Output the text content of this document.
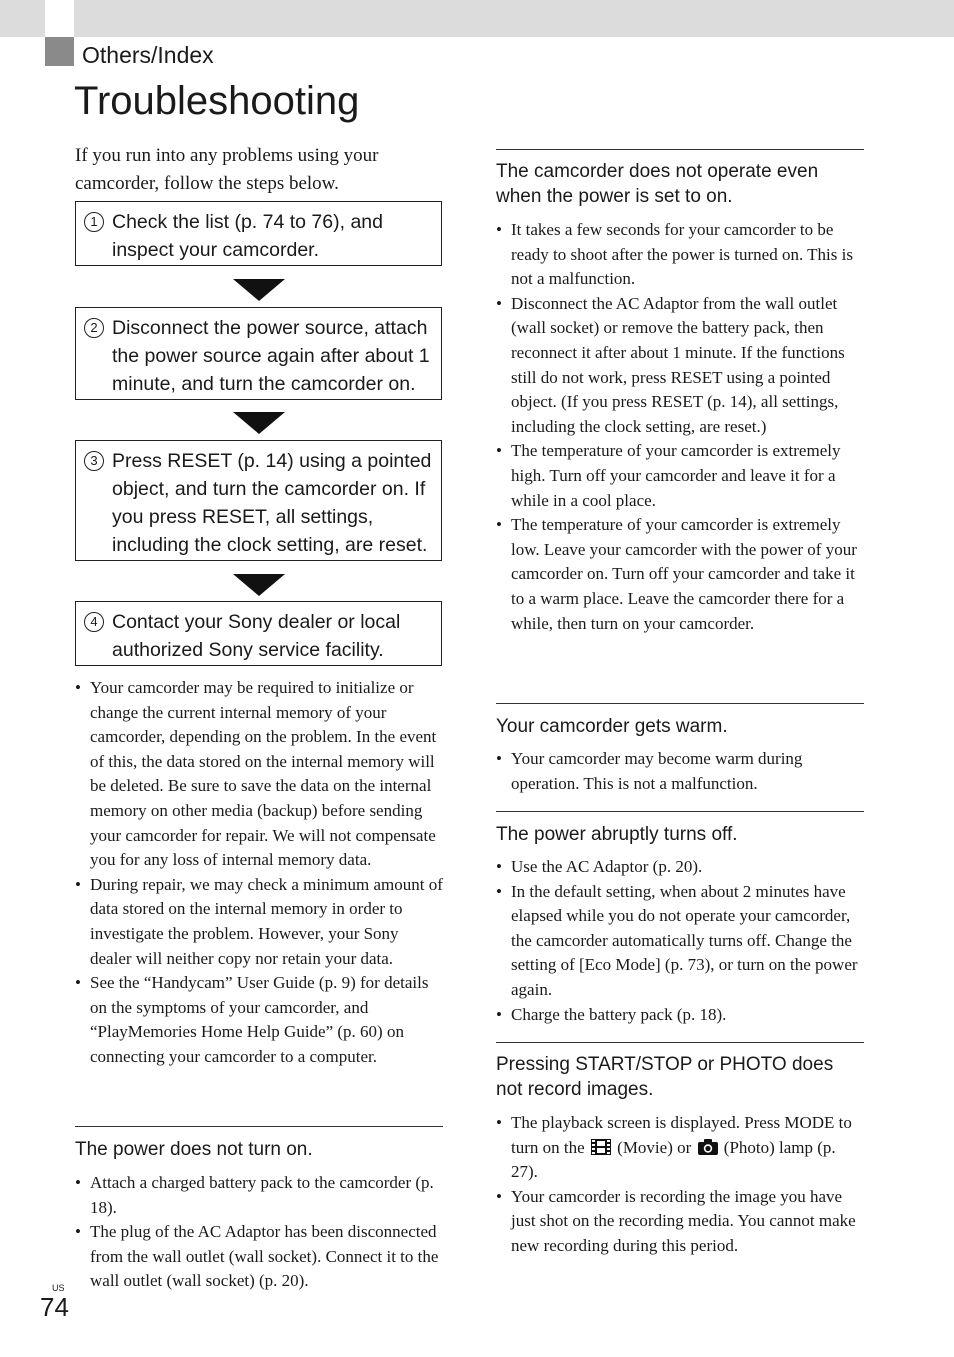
Others/Index
Troubleshooting

If you run into any problems using your camcorder, follow the steps below.

1 Check the list (p. 74 to 76), and inspect your camcorder.
2 Disconnect the power source, attach the power source again after about 1 minute, and turn the camcorder on.
3 Press RESET (p. 14) using a pointed object, and turn the camcorder on. If you press RESET, all settings, including the clock setting, are reset.
4 Contact your Sony dealer or local authorized Sony service facility.
• Your camcorder may be required to initialize or change the current internal memory of your camcorder, depending on the problem. In the event of this, the data stored on the internal memory will be deleted. Be sure to save the data on the internal memory on other media (backup) before sending your camcorder for repair. We will not compensate you for any loss of internal memory data.
• During repair, we may check a minimum amount of data stored on the internal memory in order to investigate the problem. However, your Sony dealer will neither copy nor retain your data.
• See the “Handycam” User Guide (p. 9) for details on the symptoms of your camcorder, and “PlayMemories Home Help Guide” (p. 60) on connecting your camcorder to a computer.
The power does not turn on.
• Attach a charged battery pack to the camcorder (p. 18).
• The plug of the AC Adaptor has been disconnected from the wall outlet (wall socket). Connect it to the wall outlet (wall socket) (p. 20).
The camcorder does not operate even when the power is set to on.
• It takes a few seconds for your camcorder to be ready to shoot after the power is turned on. This is not a malfunction.
• Disconnect the AC Adaptor from the wall outlet (wall socket) or remove the battery pack, then reconnect it after about 1 minute. If the functions still do not work, press RESET using a pointed object. (If you press RESET (p. 14), all settings, including the clock setting, are reset.)
• The temperature of your camcorder is extremely high. Turn off your camcorder and leave it for a while in a cool place.
• The temperature of your camcorder is extremely low. Leave your camcorder with the power of your camcorder on. Turn off your camcorder and take it to a warm place. Leave the camcorder there for a while, then turn on your camcorder.
Your camcorder gets warm.
• Your camcorder may become warm during operation. This is not a malfunction.
The power abruptly turns off.
• Use the AC Adaptor (p. 20).
• In the default setting, when about 2 minutes have elapsed while you do not operate your camcorder, the camcorder automatically turns off. Change the setting of [Eco Mode] (p. 73), or turn on the power again.
• Charge the battery pack (p. 18).
Pressing START/STOP or PHOTO does not record images.
• The playback screen is displayed. Press MODE to turn on the (Movie) or (Photo) lamp (p. 27).
• Your camcorder is recording the image you have just shot on the recording media. You cannot make new recording during this period.
US
74
